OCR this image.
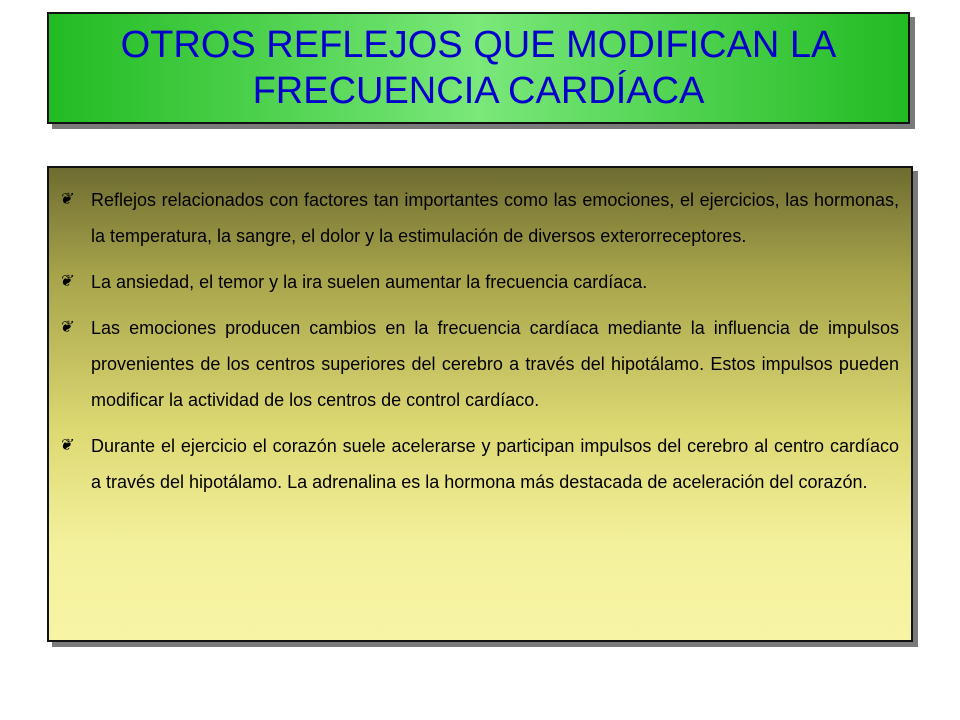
OTROS REFLEJOS QUE MODIFICAN LA FRECUENCIA CARDÍACA
❦	Reflejos relacionados con factores tan importantes como las emociones, el ejercicios, las hormonas, la temperatura, la sangre, el dolor y la estimulación de diversos exterorreceptores.
❦	La ansiedad, el temor y la ira suelen aumentar la frecuencia cardíaca.
❦	Las emociones producen cambios en la frecuencia cardíaca mediante la influencia de impulsos provenientes de los centros superiores del cerebro a través del hipotálamo. Estos impulsos pueden modificar la actividad de los centros de control cardíaco.
❦	Durante el ejercicio el corazón suele acelerarse y participan impulsos del cerebro al centro cardíaco a través del hipotálamo. La adrenalina es la hormona más destacada de aceleración del corazón.
